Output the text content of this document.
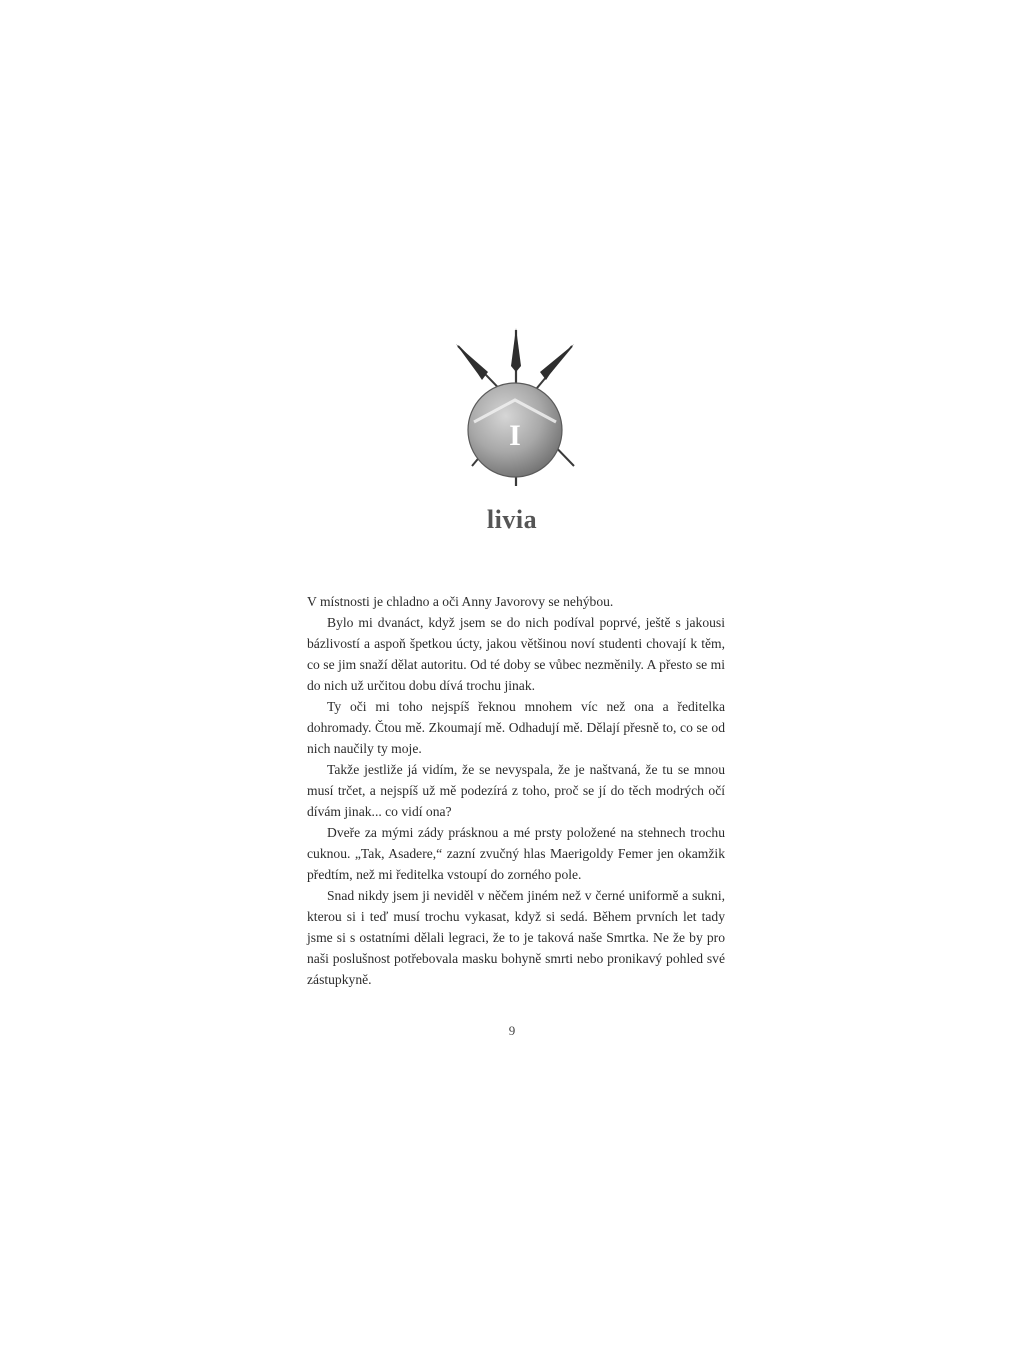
I
livia

V místnosti je chladno a oči Anny Javorovy se nehýbou.

Bylo mi dvanáct, když jsem se do nich podíval poprvé, ještě s jakousi bázlivostí a aspoň špetkou úcty, jakou většinou noví studenti chovají k těm, co se jim snaží dělat autoritu. Od té doby se vůbec nezměnily. A přesto se mi do nich už určitou dobu dívá trochu jinak.

Ty oči mi toho nejspíš řeknou mnohem víc než ona a ředitelka dohromady. Čtou mě. Zkoumají mě. Odhadují mě. Dělají přesně to, co se od nich naučily ty moje.

Takže jestliže já vidím, že se nevyspala, že je naštvaná, že tu se mnou musí trčet, a nejspíš už mě podezírá z toho, proč se jí do těch modrých očí dívám jinak... co vidí ona?

Dveře za mými zády prásknou a mé prsty položené na stehnech trochu cuknou. „Tak, Asadere,“ zazní zvučný hlas Maerigoldy Femer jen okamžik předtím, než mi ředitelka vstoupí do zorného pole.

Snad nikdy jsem ji neviděl v něčem jiném než v černé uniformě a sukni, kterou si i teď musí trochu vykasat, když si sedá. Během prvních let tady jsme si s ostatními dělali legraci, že to je taková naše Smrtka. Ne že by pro naši poslušnost potřebovala masku bohyně smrti nebo pronikavý pohled své zástupkyně.

9
